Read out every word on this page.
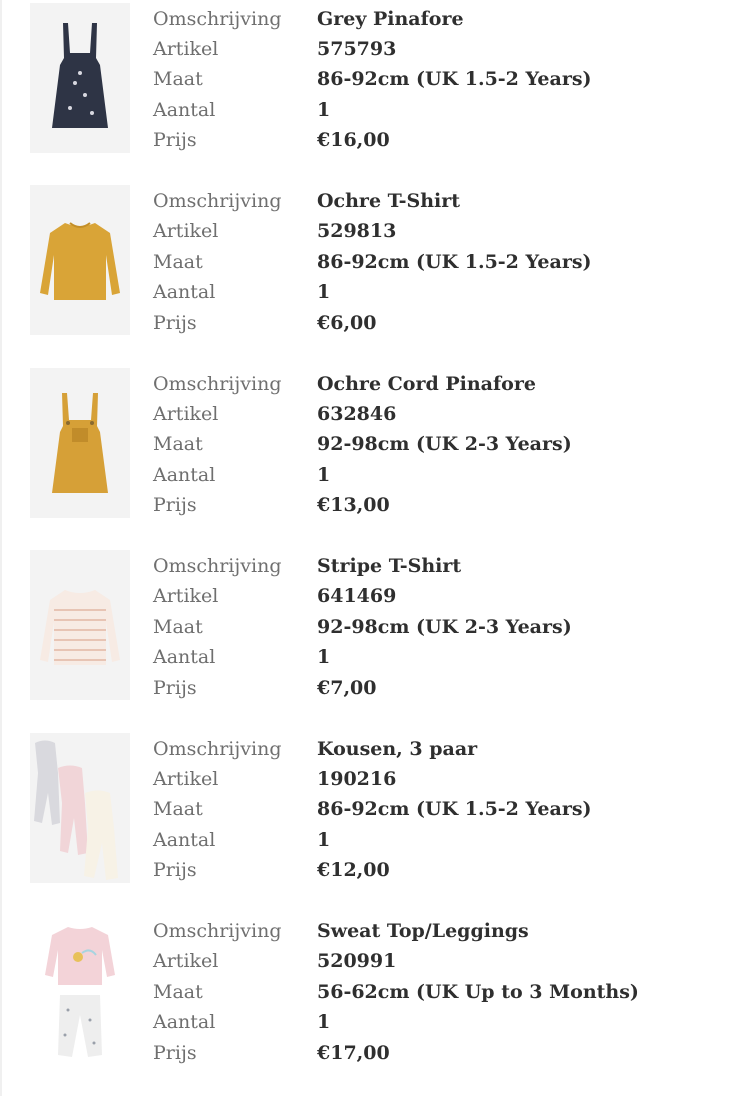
Omschrijving Grey Pinafore
Artikel	575793
Maat	86-92cm (UK 1.5-2 Years)
Aantal	1
Prijs	€16,00
Omschrijving Ochre T-Shirt
Artikel	529813
Maat	86-92cm (UK 1.5-2 Years)
Aantal	1
Prijs	€6,00
Omschrijving Ochre Cord Pinafore
Artikel	632846
Maat	92-98cm (UK 2-3 Years)
Aantal	1
Prijs	€13,00
Omschrijving Stripe T-Shirt
Artikel	641469
Maat	92-98cm (UK 2-3 Years)
Aantal	1
Prijs	€7,00
Omschrijving Kousen, 3 paar
Artikel	190216
Maat	86-92cm (UK 1.5-2 Years)
Aantal	1
Prijs	€12,00
Omschrijving Sweat Top/Leggings
Artikel	520991
Maat	56-62cm (UK Up to 3 Months)
Aantal	1
Prijs	€17,00
